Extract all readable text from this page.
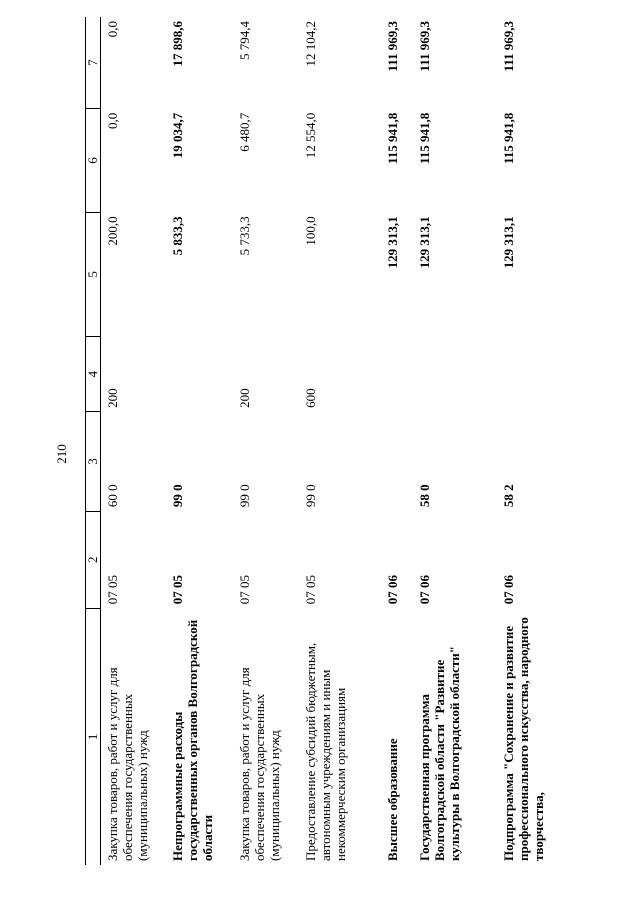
210
1	2	3	4	5	6	7
Закупка товаров, работ и услуг для обеспечения государственных (муниципальных) нужд	07 05	60 0	200	200,0	0,0	0,0
Непрограммные расходы государственных органов Волгоградской области	07 05	99 0		5 833,3	19 034,7	17 898,6
Закупка товаров, работ и услуг для обеспечения государственных (муниципальных) нужд	07 05	99 0	200	5 733,3	6 480,7	5 794,4
Предоставление субсидий бюджетным, автономным учреждениям и иным некоммерческим организациям	07 05	99 0	600	100,0	12 554,0	12 104,2
Высшее образование	07 06			129 313,1	115 941,8	111 969,3
Государственная программа Волгоградской области "Развитие культуры в Волгоградской области"	07 06	58 0		129 313,1	115 941,8	111 969,3
Подпрограмма "Сохранение и развитие профессионального искусства, народного творчества,	07 06	58 2		129 313,1	115 941,8	111 969,3
